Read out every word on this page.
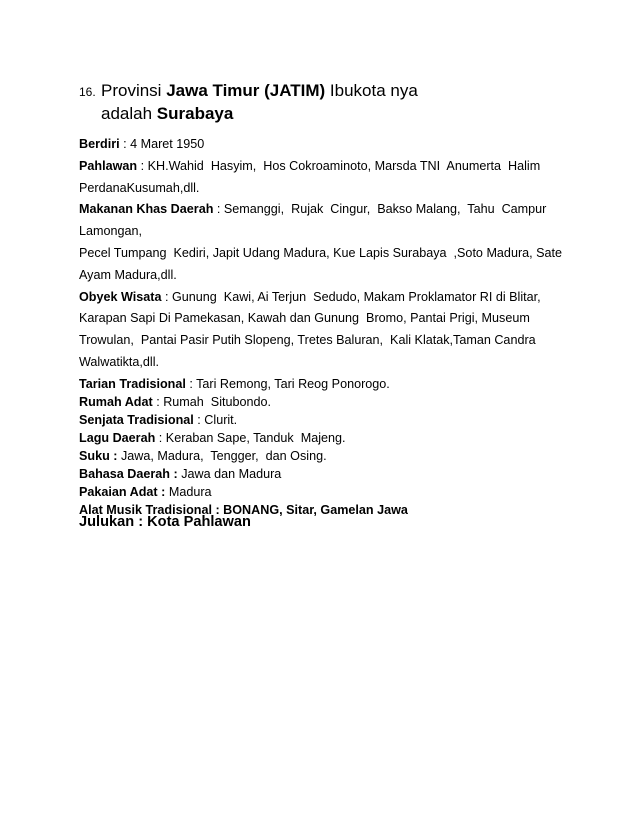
16. Provinsi Jawa Timur (JATIM) Ibukota nya
adalah Surabaya
Berdiri : 4 Maret 1950
Pahlawan : KH.Wahid  Hasyim,  Hos Cokroaminoto, Marsda TNI  Anumerta  Halim
PerdanaKusumah,dll.
Makanan Khas Daerah : Semanggi,  Rujak  Cingur,  Bakso Malang,  Tahu  Campur
Lamongan,
Pecel Tumpang  Kediri, Japit Udang Madura, Kue Lapis Surabaya  ,Soto Madura, Sate
Ayam Madura,dll.
Obyek Wisata : Gunung  Kawi, Ai Terjun  Sedudo, Makam Proklamator RI di Blitar,
Karapan Sapi Di Pamekasan, Kawah dan Gunung  Bromo, Pantai Prigi, Museum
Trowulan,  Pantai Pasir Putih Slopeng, Tretes Baluran,  Kali Klatak,Taman Candra
Walwatikta,dll.
Tarian Tradisional : Tari Remong, Tari Reog Ponorogo.
Rumah Adat : Rumah  Situbondo.
Senjata Tradisional : Clurit.
Lagu Daerah : Keraban Sape, Tanduk  Majeng.
Suku : Jawa, Madura,  Tengger,  dan Osing.
Bahasa Daerah : Jawa dan Madura
Pakaian Adat : Madura
Alat Musik Tradisional : BONANG, Sitar, Gamelan Jawa
Julukan : Kota Pahlawan
